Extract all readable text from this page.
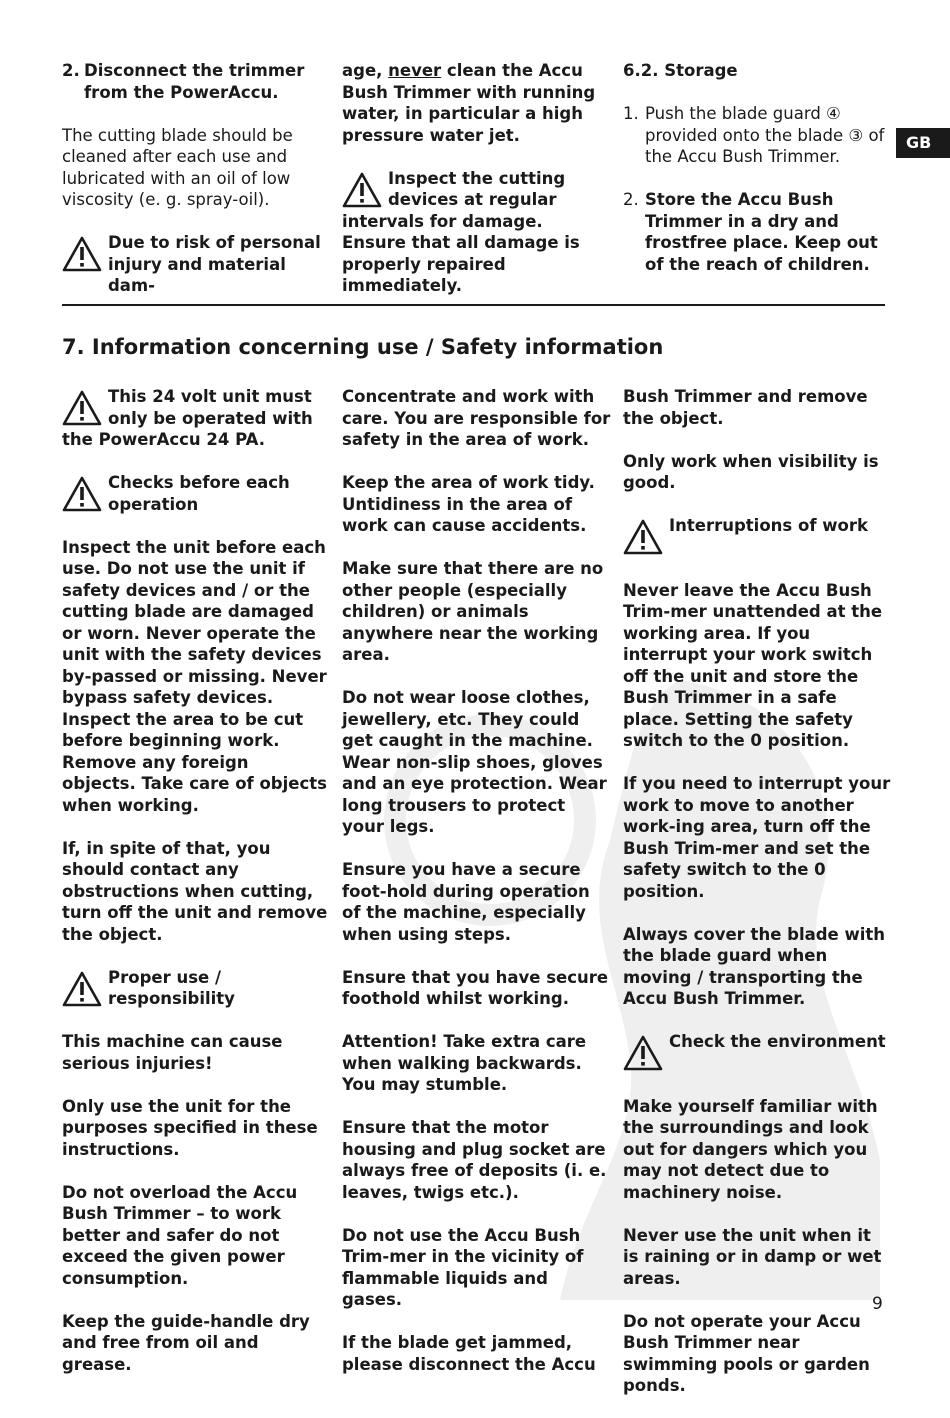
GB

2. Disconnect the trimmer from the PowerAccu.

The cutting blade should be cleaned after each use and lubricated with an oil of low viscosity (e. g. spray-oil).

Due to risk of personal injury and material dam-

age, never clean the Accu Bush Trimmer with running water, in particular a high pressure water jet.

Inspect the cutting devices at regular intervals for damage. Ensure that all damage is properly repaired immediately.

6.2. Storage

1. Push the blade guard ④ provided onto the blade ③ of the Accu Bush Trimmer.

2. Store the Accu Bush Trimmer in a dry and frostfree place. Keep out of the reach of children.

7. Information concerning use / Safety information

This 24 volt unit must only be operated with the PowerAccu 24 PA.

Checks before each operation

Inspect the unit before each use. Do not use the unit if safety devices and / or the cutting blade are damaged or worn. Never operate the unit with the safety devices by-passed or missing. Never bypass safety devices. Inspect the area to be cut before beginning work. Remove any foreign objects. Take care of objects when working.

If, in spite of that, you should contact any obstructions when cutting, turn off the unit and remove the object.

Proper use / responsibility

This machine can cause serious injuries!

Only use the unit for the purposes specified in these instructions.

Do not overload the Accu Bush Trimmer – to work better and safer do not exceed the given power consumption.

Keep the guide-handle dry and free from oil and grease.

Concentrate and work with care. You are responsible for safety in the area of work.

Keep the area of work tidy. Untidiness in the area of work can cause accidents.

Make sure that there are no other people (especially children) or animals anywhere near the working area.

Do not wear loose clothes, jewellery, etc. They could get caught in the machine. Wear non-slip shoes, gloves and an eye protection. Wear long trousers to protect your legs.

Ensure you have a secure foot-hold during operation of the machine, especially when using steps.

Ensure that you have secure foothold whilst working.

Attention! Take extra care when walking backwards. You may stumble.

Ensure that the motor housing and plug socket are always free of deposits (i. e. leaves, twigs etc.).

Do not use the Accu Bush Trim-mer in the vicinity of flammable liquids and gases.

If the blade get jammed, please disconnect the Accu

Bush Trimmer and remove the object.

Only work when visibility is good.

Interruptions of work

Never leave the Accu Bush Trim-mer unattended at the working area. If you interrupt your work switch off the unit and store the Bush Trimmer in a safe place. Setting the safety switch to the 0 position.

If you need to interrupt your work to move to another work-ing area, turn off the Bush Trim-mer and set the safety switch to the 0 position.

Always cover the blade with the blade guard when moving / transporting the Accu Bush Trimmer.

Check the environment

Make yourself familiar with the surroundings and look out for dangers which you may not detect due to machinery noise.

Never use the unit when it is raining or in damp or wet areas.

Do not operate your Accu Bush Trimmer near swimming pools or garden ponds.

9
